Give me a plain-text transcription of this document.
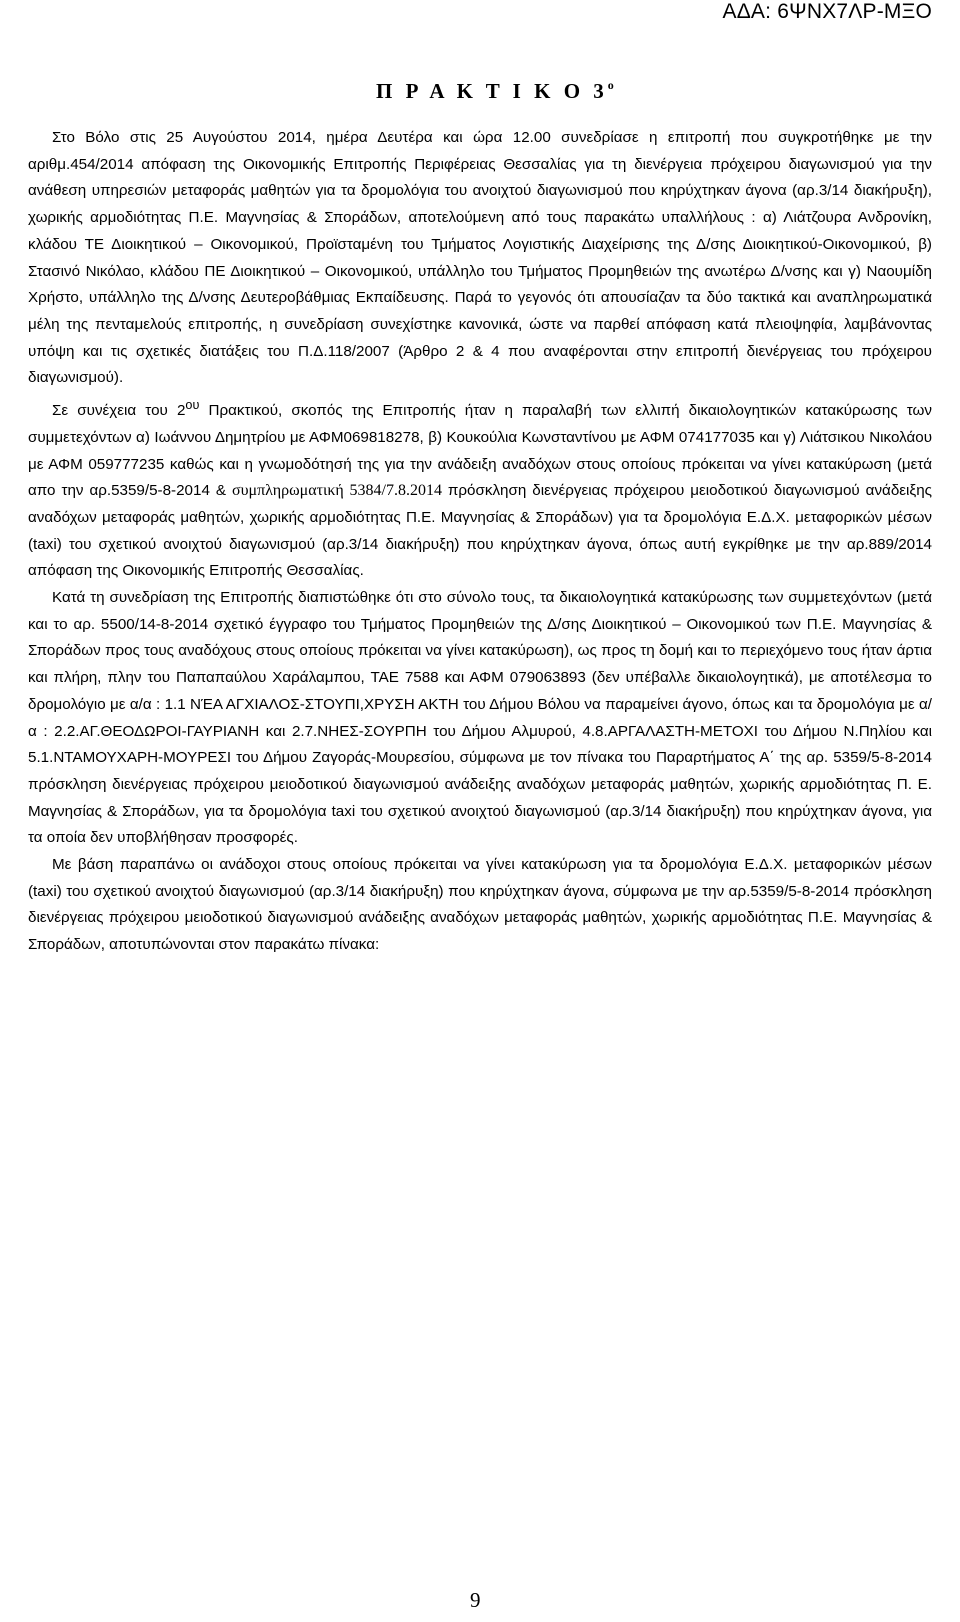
ΑΔΑ: 6ΨΝΧ7ΛΡ-ΜΞΟ
Π Ρ Α Κ Τ Ι Κ Ο $3^o$

Στο Βόλο στις 25 Αυγούστου 2014, ημέρα Δευτέρα και ώρα 12.00 συνεδρίασε η επιτροπή που συγκροτήθηκε με την αριθμ.454/2014 απόφαση της Οικονομικής Επιτροπής Περιφέρειας Θεσσαλίας για τη διενέργεια πρόχειρου διαγωνισμού για την ανάθεση υπηρεσιών μεταφοράς μαθητών για τα δρομολόγια του ανοιχτού διαγωνισμού που κηρύχτηκαν άγονα (αρ.3/14 διακήρυξη), χωρικής αρμοδιότητας Π.Ε. Μαγνησίας & Σποράδων, αποτελούμενη από τους παρακάτω υπαλλήλους : α) Λιάτζουρα Ανδρονίκη, κλάδου ΤΕ Διοικητικού – Οικονομικού, Προϊσταμένη του Τμήματος Λογιστικής Διαχείρισης της Δ/σης Διοικητικού-Οικονομικού, β) Στασινό Νικόλαο, κλάδου ΠΕ Διοικητικού – Οικονομικού, υπάλληλο του Τμήματος Προμηθειών της ανωτέρω Δ/νσης και γ) Ναουμίδη Χρήστο, υπάλληλο της Δ/νσης Δευτεροβάθμιας Εκπαίδευσης. Παρά το γεγονός ότι απουσίαζαν τα δύο τακτικά και αναπληρωματικά μέλη της πενταμελούς επιτροπής, η συνεδρίαση συνεχίστηκε κανονικά, ώστε να παρθεί απόφαση κατά πλειοψηφία, λαμβάνοντας υπόψη και τις σχετικές διατάξεις του Π.Δ.118/2007 (Άρθρο 2 & 4 που αναφέρονται στην επιτροπή διενέργειας του πρόχειρου διαγωνισμού).

Σε συνέχεια του $2^{o\upsilon}$ Πρακτικού, σκοπός της Επιτροπής ήταν η παραλαβή των ελλιπή δικαιολογητικών κατακύρωσης των συμμετεχόντων α) Ιωάννου Δημητρίου με ΑΦΜ069818278, β) Κουκούλια Κωνσταντίνου με ΑΦΜ 074177035 και γ) Λιάτσικου Νικολάου με ΑΦΜ 059777235 καθώς και η γνωμοδότησή της για την ανάδειξη αναδόχων στους οποίους πρόκειται να γίνει κατακύρωση (μετά απο την αρ.5359/5-8-2014 & συμπληρωματική 5384/7.8.2014 πρόσκληση διενέργειας πρόχειρου μειοδοτικού διαγωνισμού ανάδειξης αναδόχων μεταφοράς μαθητών, χωρικής αρμοδιότητας Π.Ε. Μαγνησίας & Σποράδων) για τα δρομολόγια Ε.Δ.Χ. μεταφορικών μέσων (taxi) του σχετικού ανοιχτού διαγωνισμού (αρ.3/14 διακήρυξη) που κηρύχτηκαν άγονα, όπως αυτή εγκρίθηκε με την αρ.889/2014 απόφαση της Οικονομικής Επιτροπής Θεσσαλίας.

Κατά τη συνεδρίαση της Επιτροπής διαπιστώθηκε ότι στο σύνολο τους, τα δικαιολογητικά κατακύρωσης των συμμετεχόντων (μετά και το αρ. 5500/14-8-2014 σχετικό έγγραφο του Τμήματος Προμηθειών της Δ/σης Διοικητικού – Οικονομικού των Π.Ε. Μαγνησίας & Σποράδων προς τους αναδόχους στους οποίους πρόκειται να γίνει κατακύρωση), ως προς τη δομή και το περιεχόμενο τους ήταν άρτια και πλήρη, πλην του Παπαπαύλου Χαράλαμπου, ΤΑΕ 7588 και ΑΦΜ 079063893 (δεν υπέβαλλε δικαιολογητικά), με αποτέλεσμα το δρομολόγιο με α/α : 1.1 ΝΈΑ ΑΓΧΙΑΛΟΣ-ΣΤΟΥΠΙ,ΧΡΥΣΗ ΑΚΤΗ του Δήμου Βόλου να παραμείνει άγονο, όπως και τα δρομολόγια με α/α : 2.2.ΑΓ.ΘΕΟΔΩΡΟΙ-ΓΑΥΡΙΑΝΗ και 2.7.ΝΗΕΣ-ΣΟΥΡΠΗ του Δήμου Αλμυρού, 4.8.ΑΡΓΑΛΑΣΤΗ-ΜΕΤΟΧΙ του Δήμου Ν.Πηλίου και 5.1.ΝΤΑΜΟΥΧΑΡΗ-ΜΟΥΡΕΣΙ του Δήμου Ζαγοράς-Μουρεσίου, σύμφωνα με τον πίνακα του Παραρτήματος Α΄ της αρ. 5359/5-8-2014 πρόσκληση διενέργειας πρόχειρου μειοδοτικού διαγωνισμού ανάδειξης αναδόχων μεταφοράς μαθητών, χωρικής αρμοδιότητας Π. Ε. Μαγνησίας & Σποράδων, για τα δρομολόγια taxi του σχετικού ανοιχτού διαγωνισμού (αρ.3/14 διακήρυξη) που κηρύχτηκαν άγονα, για τα οποία δεν υποβλήθησαν προσφορές.

Με βάση παραπάνω οι ανάδοχοι στους οποίους πρόκειται να γίνει κατακύρωση για τα δρομολόγια Ε.Δ.Χ. μεταφορικών μέσων (taxi) του σχετικού ανοιχτού διαγωνισμού (αρ.3/14 διακήρυξη) που κηρύχτηκαν άγονα, σύμφωνα με την αρ.5359/5-8-2014 πρόσκληση διενέργειας πρόχειρου μειοδοτικού διαγωνισμού ανάδειξης αναδόχων μεταφοράς μαθητών, χωρικής αρμοδιότητας Π.Ε. Μαγνησίας & Σποράδων, αποτυπώνονται στον παρακάτω πίνακα:

9
